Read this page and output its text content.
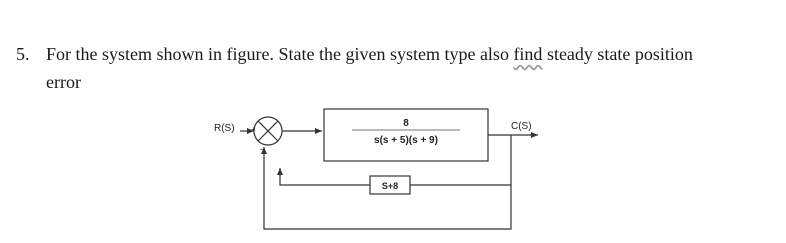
5. For the system shown in figure. State the given system type also find steady state position
error
R(S) +
-
8
s(s + 5)(s + 9)
C(S)
S+8
